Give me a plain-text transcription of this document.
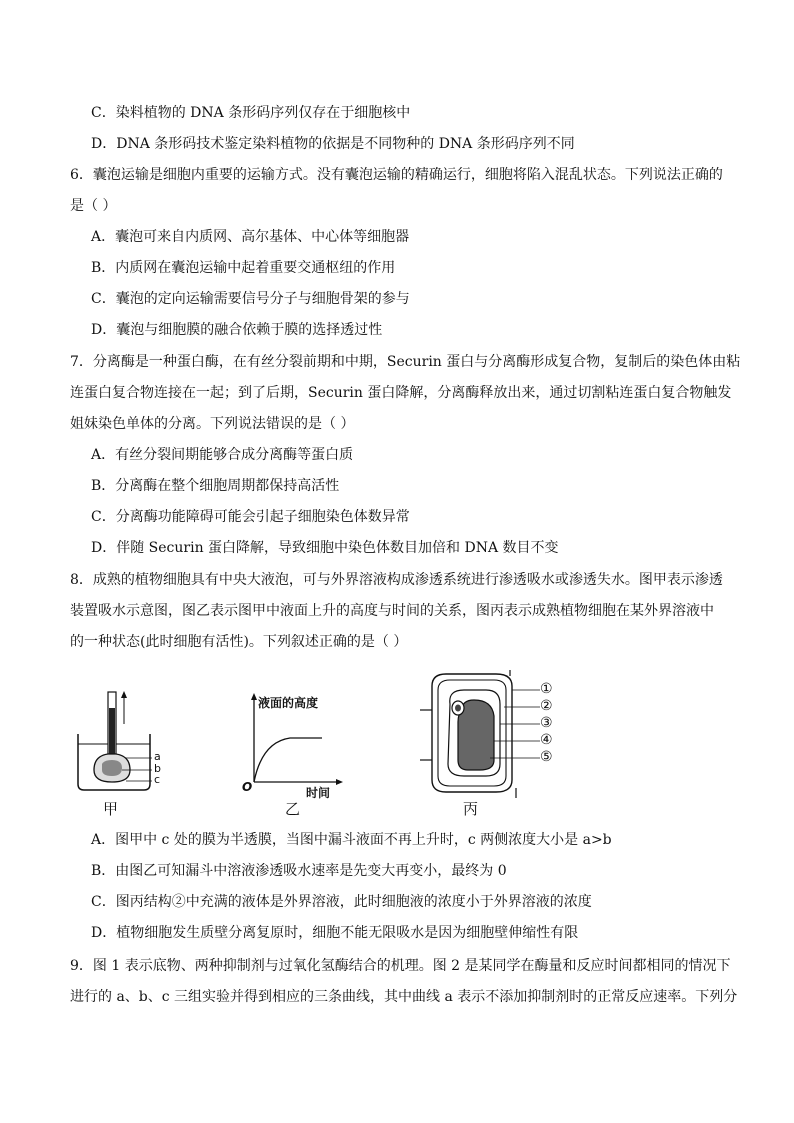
C．染料植物的 DNA 条形码序列仅存在于细胞核中
D．DNA 条形码技术鉴定染料植物的依据是不同物种的 DNA 条形码序列不同
6．囊泡运输是细胞内重要的运输方式。没有囊泡运输的精确运行，细胞将陷入混乱状态。下列说法正确的
是（ ）
A．囊泡可来自内质网、高尔基体、中心体等细胞器
B．内质网在囊泡运输中起着重要交通枢纽的作用
C．囊泡的定向运输需要信号分子与细胞骨架的参与
D．囊泡与细胞膜的融合依赖于膜的选择透过性
7．分离酶是一种蛋白酶，在有丝分裂前期和中期，Securin 蛋白与分离酶形成复合物，复制后的染色体由粘
连蛋白复合物连接在一起；到了后期，Securin 蛋白降解，分离酶释放出来，通过切割粘连蛋白复合物触发
姐妹染色单体的分离。下列说法错误的是（ ）
A．有丝分裂间期能够合成分离酶等蛋白质
B．分离酶在整个细胞周期都保持高活性
C．分离酶功能障碍可能会引起子细胞染色体数异常
D．伴随 Securin 蛋白降解，导致细胞中染色体数目加倍和 DNA 数目不变
8．成熟的植物细胞具有中央大液泡，可与外界溶液构成渗透系统进行渗透吸水或渗透失水。图甲表示渗透
装置吸水示意图，图乙表示图甲中液面上升的高度与时间的关系，图丙表示成熟植物细胞在某外界溶液中
的一种状态(此时细胞有活性)。下列叙述正确的是（ ）
a
b
c
甲
液面的高度
O	时间
乙
①
②
③
④
⑤
丙
A．图甲中 c 处的膜为半透膜，当图中漏斗液面不再上升时，c 两侧浓度大小是 a>b
B．由图乙可知漏斗中溶液渗透吸水速率是先变大再变小，最终为 0
C．图丙结构②中充满的液体是外界溶液，此时细胞液的浓度小于外界溶液的浓度
D．植物细胞发生质壁分离复原时，细胞不能无限吸水是因为细胞壁伸缩性有限
9．图 1 表示底物、两种抑制剂与过氧化氢酶结合的机理。图 2 是某同学在酶量和反应时间都相同的情况下
进行的 a、b、c 三组实验并得到相应的三条曲线，其中曲线 a 表示不添加抑制剂时的正常反应速率。下列分
